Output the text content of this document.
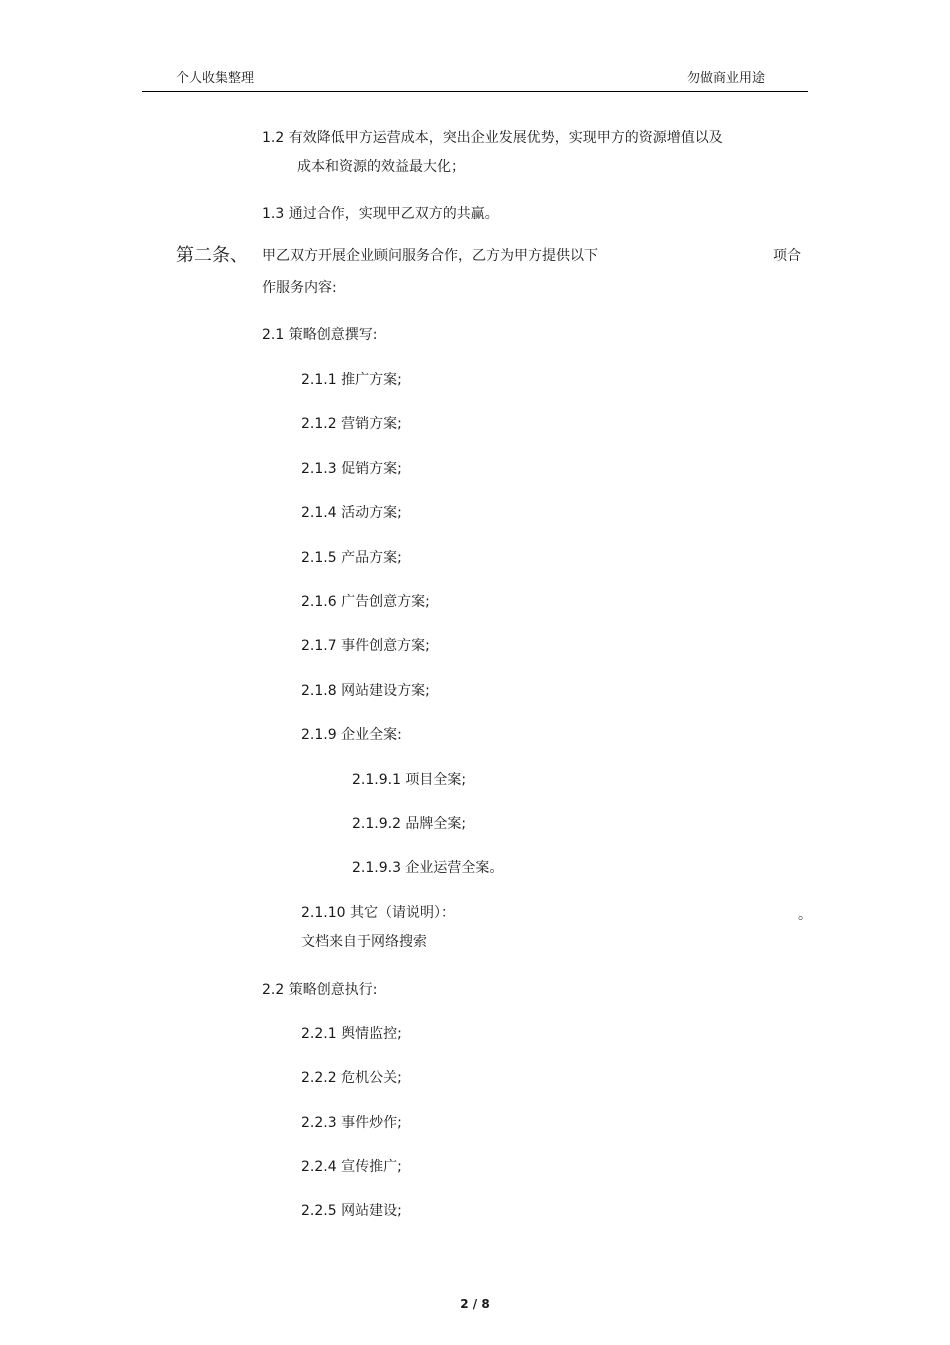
个人收集整理	勿做商业用途
1.2 有效降低甲方运营成本，突出企业发展优势，实现甲方的资源增值以及
成本和资源的效益最大化；
1.3 通过合作，实现甲乙双方的共赢。
第二条、 甲乙双方开展企业顾问服务合作，乙方为甲方提供以下	项合
作服务内容:
2.1 策略创意撰写:
2.1.1 推广方案;
2.1.2 营销方案;
2.1.3 促销方案;
2.1.4 活动方案;
2.1.5 产品方案;
2.1.6 广告创意方案;
2.1.7 事件创意方案;
2.1.8 网站建设方案;
2.1.9 企业全案:
2.1.9.1 项目全案;
2.1.9.2 品牌全案;
2.1.9.3 企业运营全案。
2.1.10 其它（请说明）：	。
文档来自于网络搜索
2.2 策略创意执行:
2.2.1 舆情监控;
2.2.2 危机公关;
2.2.3 事件炒作;
2.2.4 宣传推广;
2.2.5 网站建设;
2 / 8
